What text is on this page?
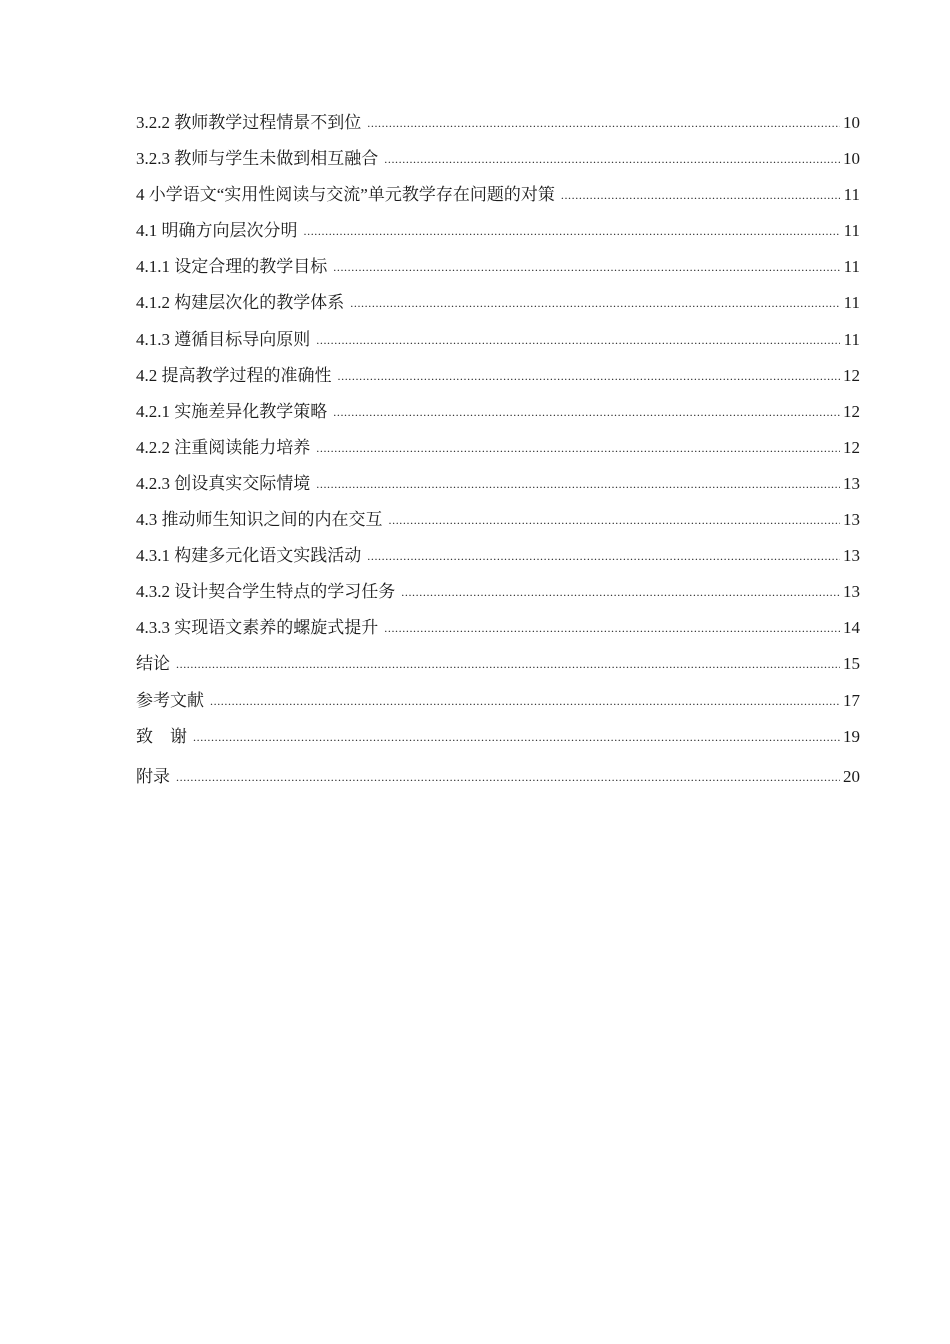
3.2.2 教师教学过程情景不到位 .....	10
3.2.3 教师与学生未做到相互融合 .....	10
4 小学语文“实用性阅读与交流”单元教学存在问题的对策 .....	11
4.1 明确方向层次分明 .....	11
4.1.1 设定合理的教学目标 .....	11
4.1.2 构建层次化的教学体系 .....	11
4.1.3 遵循目标导向原则 .....	11
4.2 提高教学过程的准确性 .....	12
4.2.1 实施差异化教学策略 .....	12
4.2.2 注重阅读能力培养 .....	12
4.2.3 创设真实交际情境 .....	13
4.3 推动师生知识之间的内在交互 .....	13
4.3.1 构建多元化语文实践活动 .....	13
4.3.2 设计契合学生特点的学习任务 .....	13
4.3.3 实现语文素养的螺旋式提升 .....	14
结论 .....	15
参考文献 .....	17
致    谢 .....	19
附录 .....	20
